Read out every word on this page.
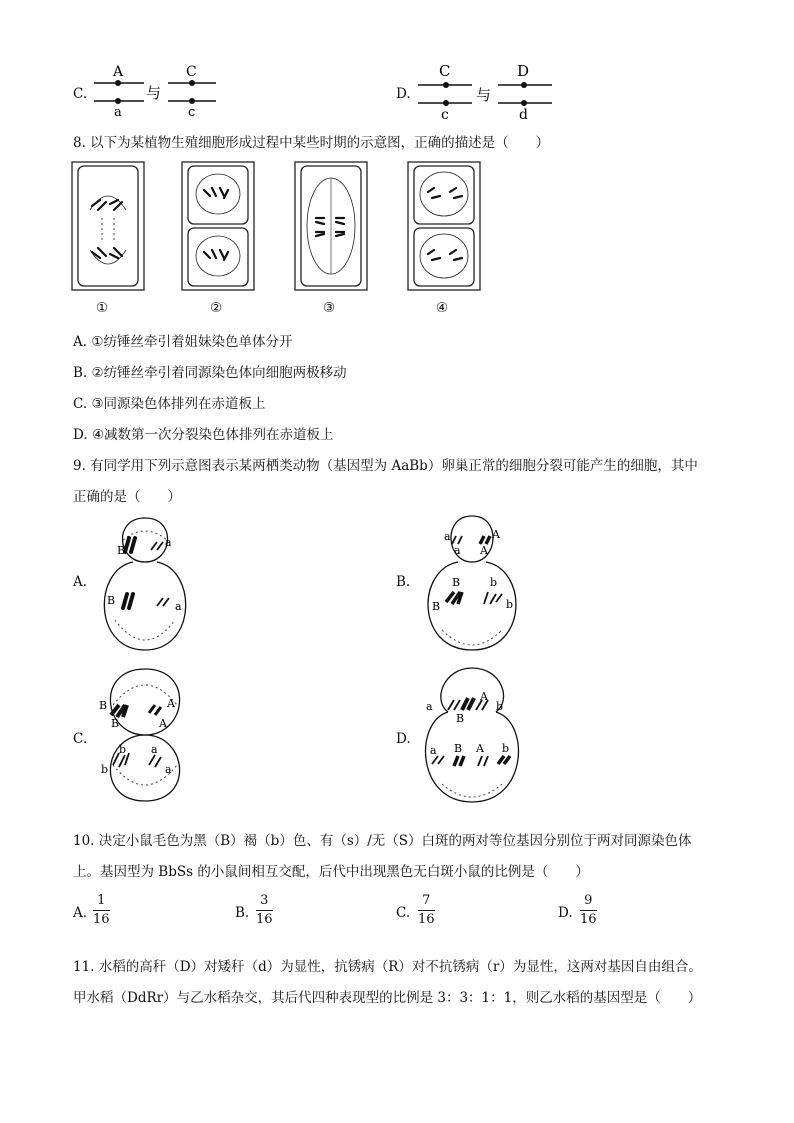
C.
A
a
与
C
c
D.
C
c
与
D
d
8. 以下为某植物生殖细胞形成过程中某些时期的示意图，正确的描述是（　　）
①	②	③	④
A. ①纺锤丝牵引着姐妹染色单体分开
B. ②纺锤丝牵引着同源染色体向细胞两极移动
C. ③同源染色体排列在赤道板上
D. ④减数第一次分裂染色体排列在赤道板上
9. 有同学用下列示意图表示某两栖类动物（基因型为 AaBb）卵巢正常的细胞分裂可能产生的细胞，其中
正确的是（　　）
A.
B
a
B	a
B.
a
a
A
A
B
B
b
b
C.
B
B
A
A
b
b
a
a
D.
a
B
A
b
a B A b
10. 决定小鼠毛色为黑（B）褐（b）色、有（s）/无（S）白斑的两对等位基因分别位于两对同源染色体
上。基因型为 BbSs 的小鼠间相互交配，后代中出现黑色无白斑小鼠的比例是（　　）
A.
1
16	B.
3
16	C.
7
16	D.
9
16
11. 水稻的高秆（D）对矮秆（d）为显性，抗锈病（R）对不抗锈病（r）为显性，这两对基因自由组合。
甲水稻（DdRr）与乙水稻杂交，其后代四种表现型的比例是 3：3：1：1，则乙水稻的基因型是（　　）
